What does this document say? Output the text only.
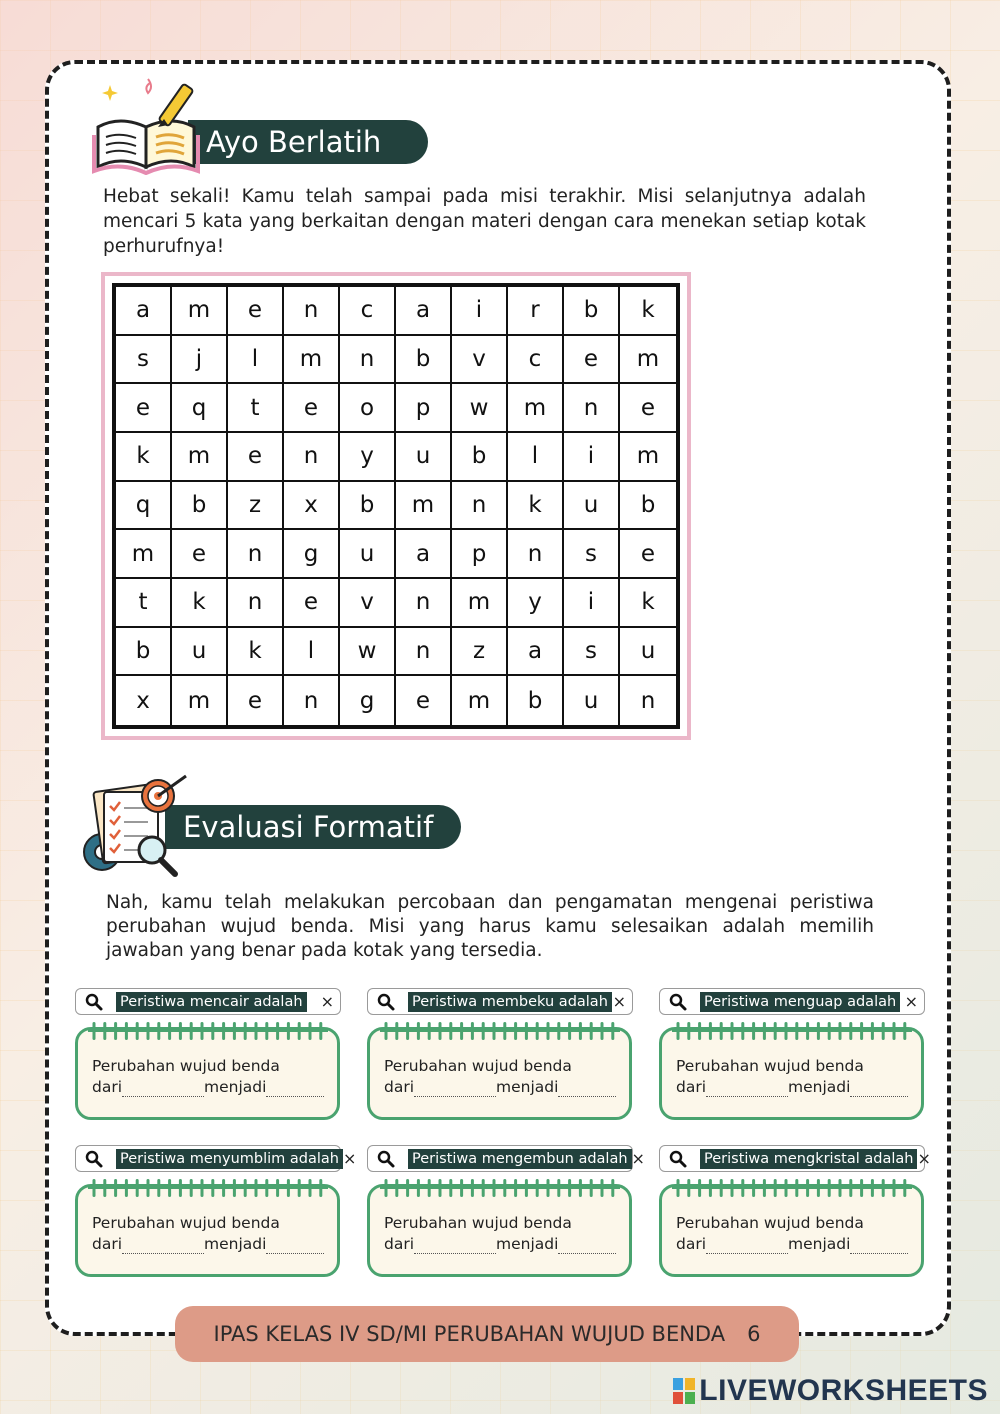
Ayo Berlatih

Hebat sekali! Kamu telah sampai pada misi terakhir. Misi selanjutnya adalah mencari 5 kata yang berkaitan dengan materi dengan cara menekan setiap kotak perhurufnya!

a	m	e	n	c	a	i	r	b	k
s	j	l	m	n	b	v	c	e	m
e	q	t	e	o	p	w	m	n	e
k	m	e	n	y	u	b	l	i	m
q	b	z	x	b	m	n	k	u	b
m	e	n	g	u	a	p	n	s	e
t	k	n	e	v	n	m	y	i	k
b	u	k	l	w	n	z	a	s	u
x	m	e	n	g	e	m	b	u	n
Evaluasi Formatif

Nah, kamu telah melakukan percobaan dan pengamatan mengenai peristiwa perubahan wujud benda. Misi yang harus kamu selesaikan adalah memilih jawaban yang benar pada kotak yang tersedia.

Peristiwa mencair adalah ×
Perubahan wujud benda
dari	menjadi
Peristiwa membeku adalah ×
Perubahan wujud benda
dari	menjadi
Peristiwa menguap adalah ×
Perubahan wujud benda
dari	menjadi
Peristiwa menyumblim adalah ×
Perubahan wujud benda
dari	menjadi
Peristiwa mengembun adalah ×
Perubahan wujud benda
dari	menjadi
Peristiwa mengkristal adalah ×
Perubahan wujud benda
dari	menjadi
IPAS KELAS IV SD/MI PERUBAHAN WUJUD BENDA 6
LIVEWORKSHEETS
